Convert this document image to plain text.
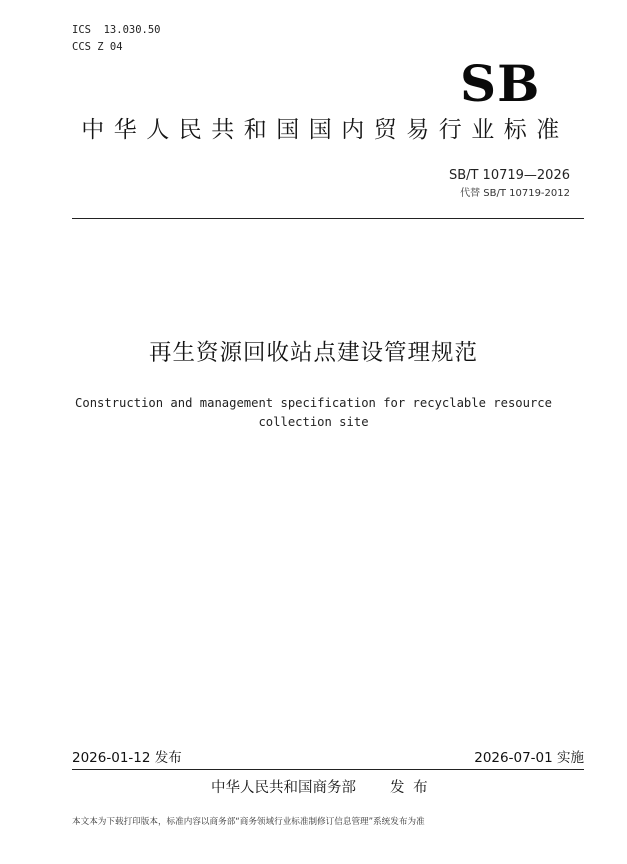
ICS  13.030.50
CCS Z 04
SB
中华人民共和国国内贸易行业标准
SB/T 10719—2026
代替 SB/T 10719-2012
再生资源回收站点建设管理规范
Construction and management specification for recyclable resource collection site
2026-01-12 发布	2026-07-01 实施
中华人民共和国商务部 发 布
本文本为下载打印版本，标准内容以商务部“商务领域行业标准制修订信息管理”系统发布为准
